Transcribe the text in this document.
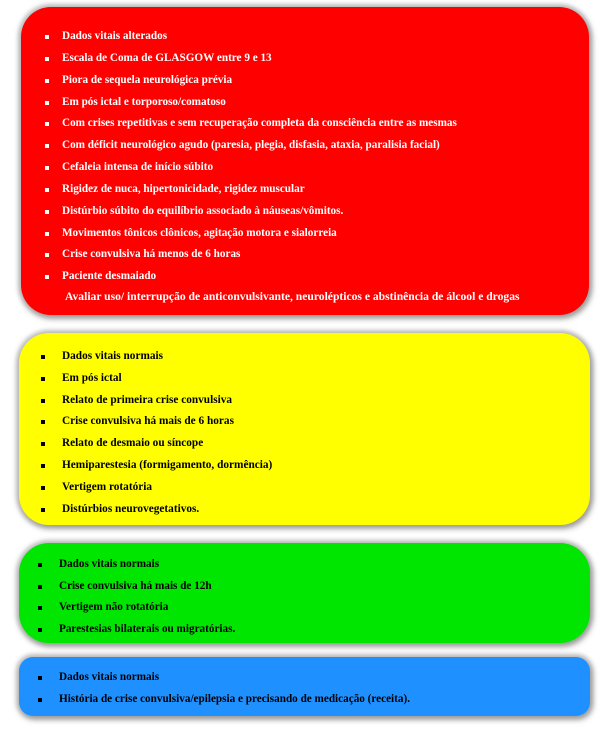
Dados vitais alterados
Escala de Coma de GLASGOW entre 9 e 13
Piora de sequela neurológica prévia
Em pós ictal e torporoso/comatoso
Com crises repetitivas e sem recuperação completa da consciência entre as mesmas
Com déficit neurológico agudo (paresia, plegia, disfasia, ataxia, paralisia facial)
Cefaleia intensa de início súbito
Rigidez de nuca, hipertonicidade, rigidez muscular
Distúrbio súbito do equilíbrio associado à náuseas/vômitos.
Movimentos tônicos clônicos, agitação motora e sialorreia
Crise convulsiva há menos de 6 horas
Paciente desmaiado
Avaliar uso/ interrupção de anticonvulsivante, neurolépticos e abstinência de álcool e drogas
Dados vitais normais
Em pós ictal
Relato de primeira crise convulsiva
Crise convulsiva há mais de 6 horas
Relato de desmaio ou síncope
Hemiparestesia (formigamento, dormência)
Vertigem rotatória
Distúrbios neurovegetativos.
Dados vitais normais
Crise convulsiva há mais de 12h
Vertigem não rotatória
Parestesias bilaterais ou migratórias.
Dados vitais normais
História de crise convulsiva/epilepsia e precisando de medicação (receita).
